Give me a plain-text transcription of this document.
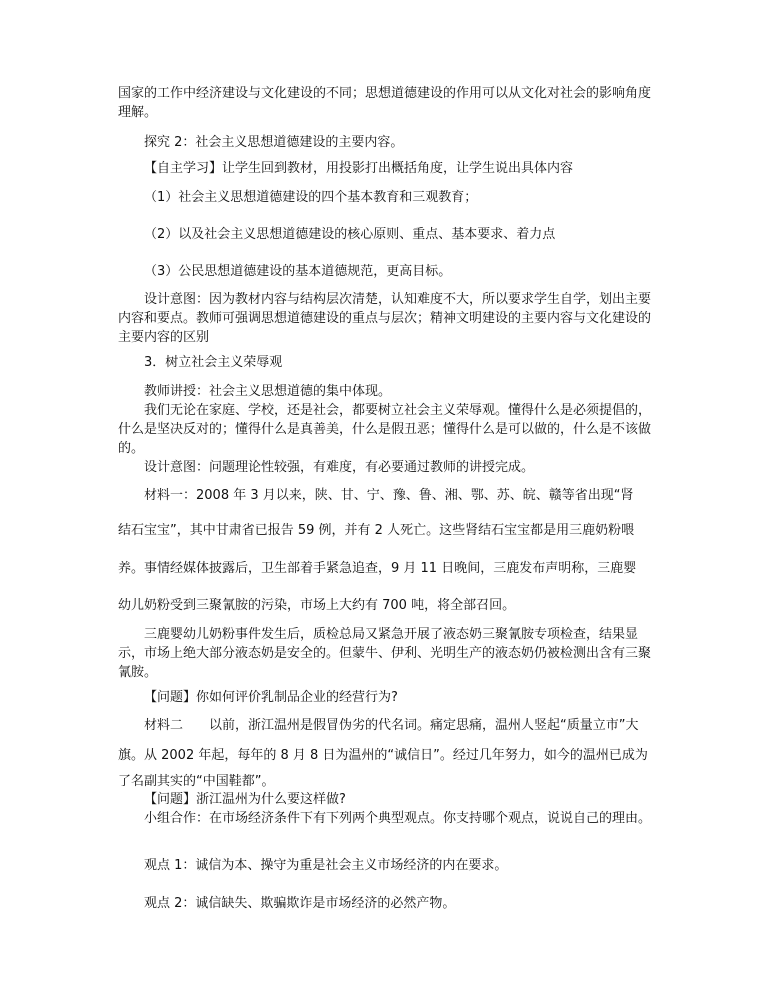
国家的工作中经济建设与文化建设的不同；思想道德建设的作用可以从文化对社会的影响角度理解。

探究 2：社会主义思想道德建设的主要内容。

【自主学习】让学生回到教材，用投影打出概括角度，让学生说出具体内容

（1）社会主义思想道德建设的四个基本教育和三观教育；

（2）以及社会主义思想道德建设的核心原则、重点、基本要求、着力点

（3）公民思想道德建设的基本道德规范，更高目标。

设计意图：因为教材内容与结构层次清楚，认知难度不大，所以要求学生自学，划出主要内容和要点。教师可强调思想道德建设的重点与层次；精神文明建设的主要内容与文化建设的主要内容的区别

3．树立社会主义荣辱观

教师讲授：社会主义思想道德的集中体现。

我们无论在家庭、学校，还是社会，都要树立社会主义荣辱观。懂得什么是必须提倡的，什么是坚决反对的；懂得什么是真善美，什么是假丑恶；懂得什么是可以做的，什么是不该做的。

设计意图：问题理论性较强，有难度，有必要通过教师的讲授完成。

材料一：2008 年 3 月以来，陕、甘、宁、豫、鲁、湘、鄂、苏、皖、赣等省出现“肾

结石宝宝”，其中甘肃省已报告 59 例，并有 2 人死亡。这些肾结石宝宝都是用三鹿奶粉喂

养。事情经媒体披露后，卫生部着手紧急追查，9 月 11 日晚间，三鹿发布声明称，三鹿婴

幼儿奶粉受到三聚氰胺的污染，市场上大约有 700 吨，将全部召回。

三鹿婴幼儿奶粉事件发生后，质检总局又紧急开展了液态奶三聚氰胺专项检查，结果显示，市场上绝大部分液态奶是安全的。但蒙牛、伊利、光明生产的液态奶仍被检测出含有三聚氰胺。

【问题】你如何评价乳制品企业的经营行为?

材料二　　以前，浙江温州是假冒伪劣的代名词。痛定思痛，温州人竖起“质量立市”大

旗。从 2002 年起，每年的 8 月 8 日为温州的“诚信日”。经过几年努力，如今的温州已成为

了名副其实的“中国鞋都”。

【问题】浙江温州为什么要这样做?

小组合作：在市场经济条件下有下列两个典型观点。你支持哪个观点，说说自己的理由。

观点 1：诚信为本、操守为重是社会主义市场经济的内在要求。

观点 2：诚信缺失、欺骗欺诈是市场经济的必然产物。
